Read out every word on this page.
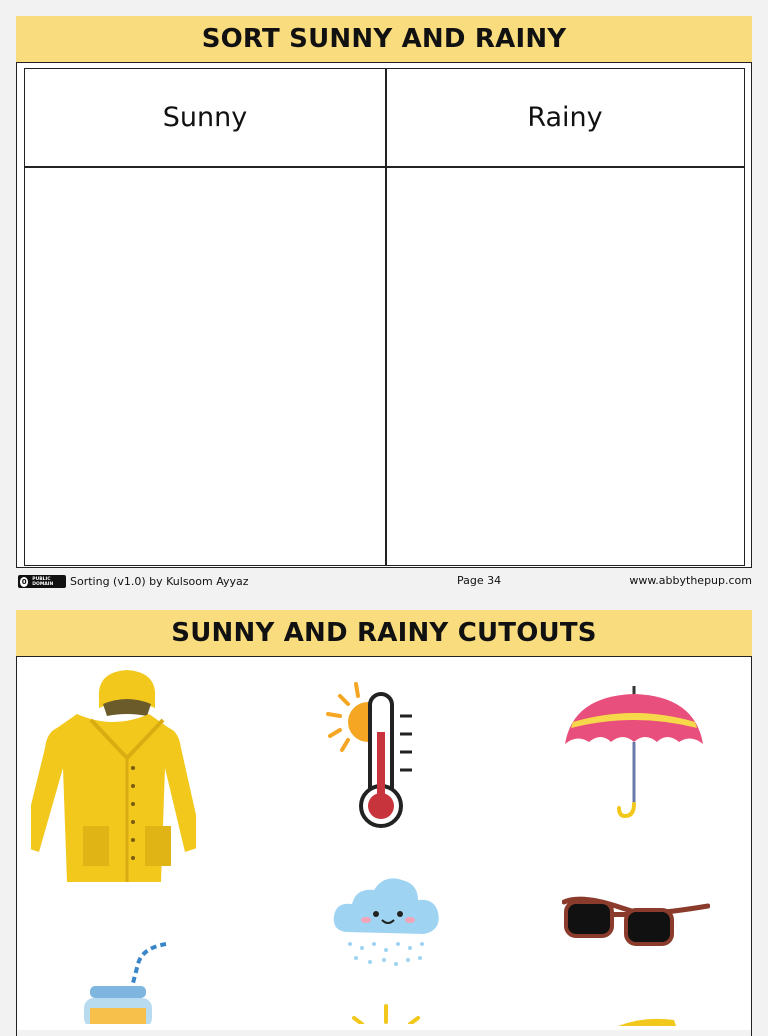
SORT SUNNY AND RAINY
Sunny	Rainy
0	PUBLIC DOMAIN	Sorting (v1.0) by Kulsoom Ayyaz	Page 34	www.abbythepup.com
SUNNY AND RAINY CUTOUTS
